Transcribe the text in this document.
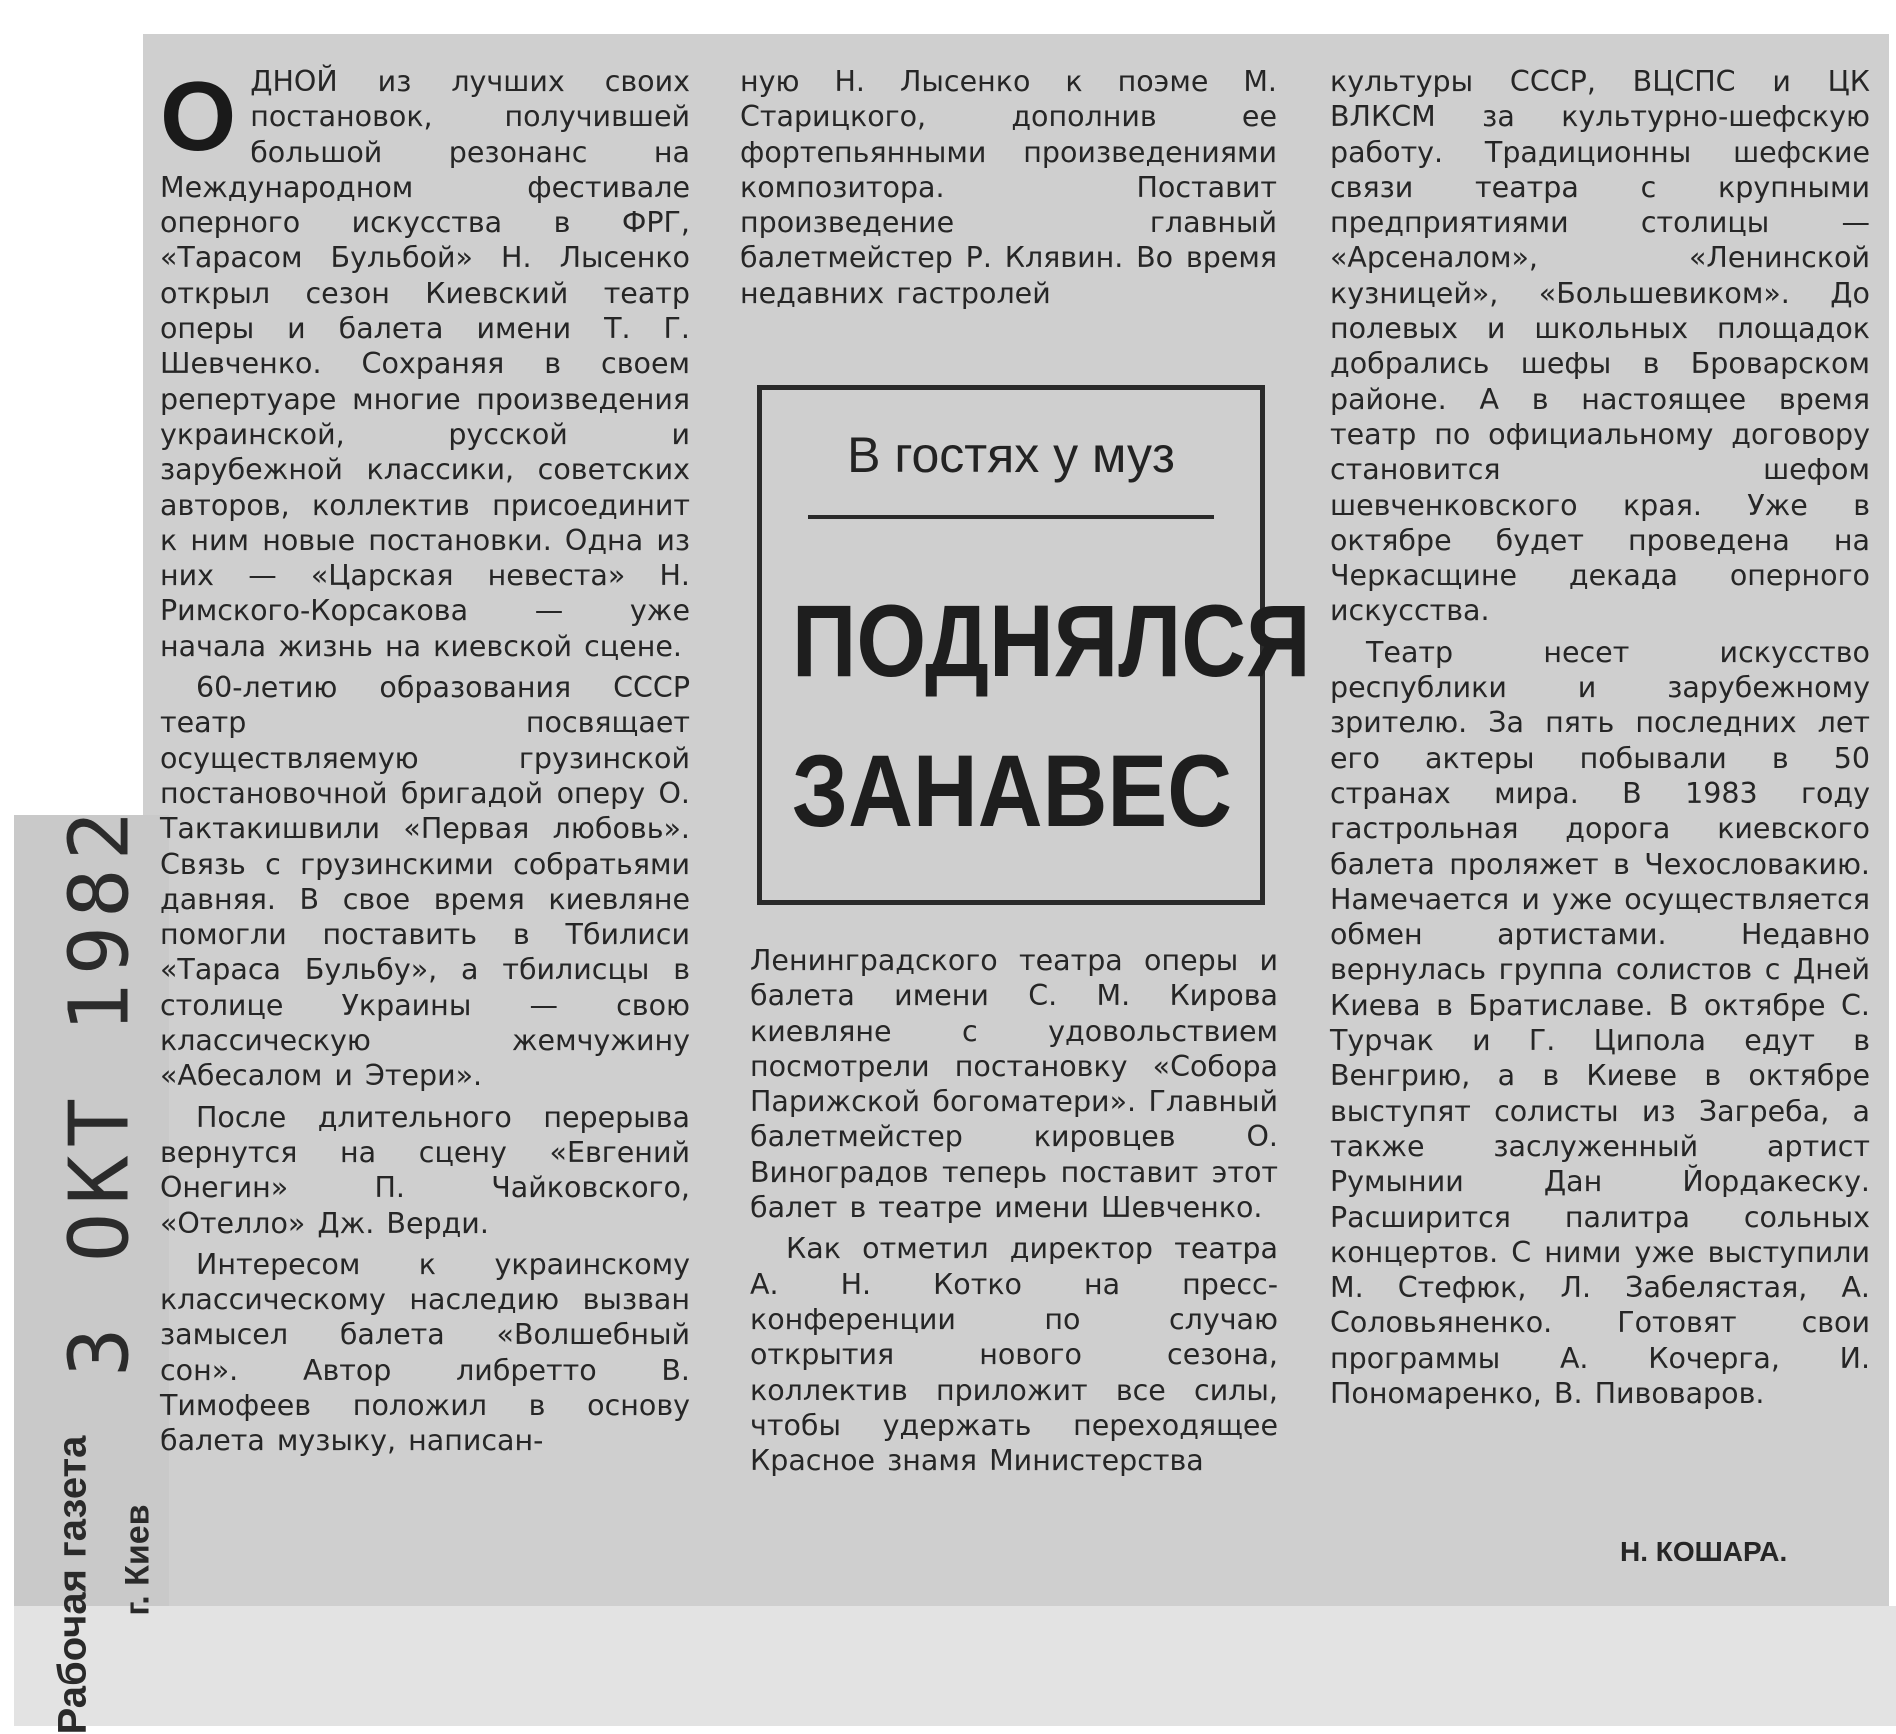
3 ОКТ 1982
Рабочая газета г. Киев
О ДНОЙ из лучших своих постановок, получившей большой резонанс на Международном фестивале оперного искусства в ФРГ, «Тарасом Бульбой» Н. Лысенко открыл сезон Киевский театр оперы и балета имени Т. Г. Шевченко. Сохраняя в своем репертуаре многие произведения украинской, русской и зарубежной классики, советских авторов, коллектив присоединит к ним новые постановки. Одна из них — «Царская невеста» Н. Римского-Корсакова — уже начала жизнь на киевской сцене.

60-летию образования СССР театр посвящает осуществляемую грузинской постановочной бригадой оперу О. Тактакишвили «Первая любовь». Связь с грузинскими собратьями давняя. В свое время киевляне помогли поставить в Тбилиси «Тараса Бульбу», а тбилисцы в столице Украины — свою классическую жемчужину «Абесалом и Этери».

После длительного перерыва вернутся на сцену «Евгений Онегин» П. Чайковского, «Отелло» Дж. Верди.

Интересом к украинскому классическому наследию вызван замысел балета «Волшебный сон». Автор либретто В. Тимофеев положил в основу балета музыку, написан-

ную Н. Лысенко к поэме М. Старицкого, дополнив ее фортепьянными произведениями композитора. Поставит произведение главный балетмейстер Р. Клявин. Во время недавних гастролей

В гостях у муз
ПОДНЯЛСЯ ЗАНАВЕС

Ленинградского театра оперы и балета имени С. М. Кирова киевляне с удовольствием посмотрели постановку «Собора Парижской богоматери». Главный балетмейстер кировцев О. Виноградов теперь поставит этот балет в театре имени Шевченко.

Как отметил директор театра А. Н. Котко на пресс-конференции по случаю открытия нового сезона, коллектив приложит все силы, чтобы удержать переходящее Красное знамя Министерства

культуры СССР, ВЦСПС и ЦК ВЛКСМ за культурно-шефскую работу. Традиционны шефские связи театра с крупными предприятиями столицы — «Арсеналом», «Ленинской кузницей», «Большевиком». До полевых и школьных площадок добрались шефы в Броварском районе. А в настоящее время театр по официальному договору становится шефом шевченковского края. Уже в октябре будет проведена на Черкасщине декада оперного искусства.

Театр несет искусство республики и зарубежному зрителю. За пять последних лет его актеры побывали в 50 странах мира. В 1983 году гастрольная дорога киевского балета проляжет в Чехословакию. Намечается и уже осуществляется обмен артистами. Недавно вернулась группа солистов с Дней Киева в Братиславе. В октябре С. Турчак и Г. Ципола едут в Венгрию, а в Киеве в октябре выступят солисты из Загреба, а также заслуженный артист Румынии Дан Йордакеску. Расширится палитра сольных концертов. С ними уже выступили М. Стефюк, Л. Забелястая, А. Соловьяненко. Готовят свои программы А. Кочерга, И. Пономаренко, В. Пивоваров.

Н. КОШАРА.
